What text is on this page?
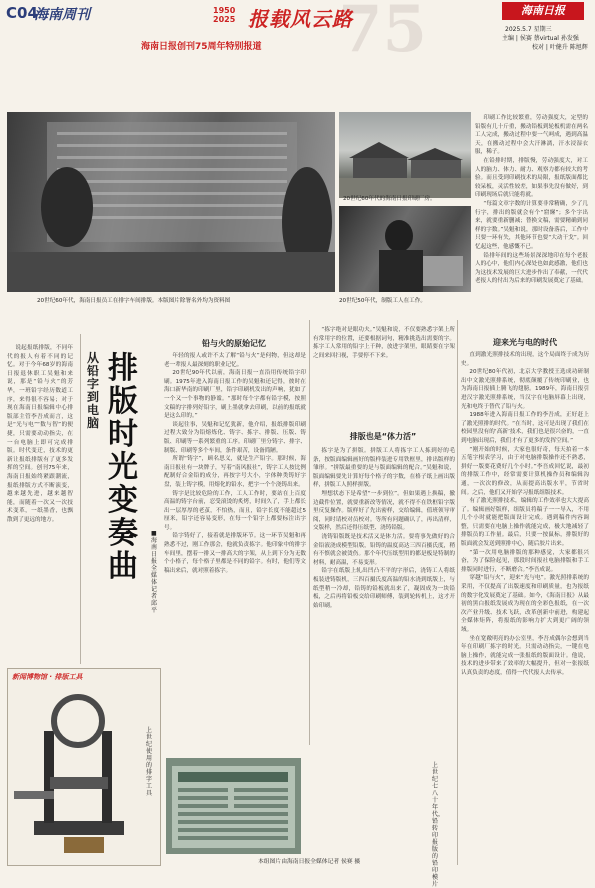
C04
海南周刊	75
1950 2025 报载风云路
海南日报创刊75周年特别报道
海南日报
2025.5.7 星期三
主编 | 侯赛 蔡virtual 孙发强
校对 | 叶健升 陈旭辉
20世纪60年代，海南日报员工在排字车间排版。本版图片除署名外均为资料图
20世纪60年代的海南日报印刷厂房。
20世纪50年代，制版工人在工作。

印刷工作比较繁重，劳动强度大，定型的铅版有几十斤重，搬动铅板到轮板机需在两名工人完成，搬动过程中要一气呵成，遇到高温天，在搬动过程中会大汗淋漓，汗水浸湿衣服，稀子。

在铅排时期，排版慢，劳动强度大，对工人的脑力、体力、耐力、观察力都有较大的考验。而且受到印刷技术的局限，报纸版面都比较呆板，灵活性较差，如果事先没有做好，到印刷现场后就只能将就。

“每篇文章字数的计算要非常精确，少了几行字，排出的版就会有个“窟窿”；多个字出来，就要重新删减；替换文稿，需要精确到同样的字数。”吴魁和说，那时设备落后，工作中只要一环有失，其他环节也要“大动干戈”。回忆起这些，他感慨不已。

铅排年间的这些场景深深地印在每个老报人的心中，他们内心深处也如此感激，他们也为这技术发展的巨大进步作出了奉献，一代代老报人的付出为后来的印刷发展奠定了基础。

说起报纸排版，不同年代的报人有着不同的记忆。对于今年68岁的海南日报退休职工吴魁和来说，那是“铅与火”的芳华，一班铅字经历数道工序，来得很不容易；对于现在海南日报编辑中心排版部主管李吾成而言，这是“光与电”“数与智”的便捷，只需要动动指尖，在一台电脑上即可完成排版。时代变迁，技术的更新让报纸排版有了更多发挥的空间。创刊75年来，海南日报始终紧跟潮流，报纸排版方式不断演变，越来越先进，越来越智能，而随着一次又一次技术变革，一纸墨香，也飘散到了更远的地方。

从铅字到电脑
排版时光变奏曲
■ 海南日报全媒体记者 邱平
铅与火的原始记忆

年轻的报人或许不太了解“铅与火”是何物，但这却是老一辈报人最深刻的职业记忆。

20世纪90年代以前，海南日报一直沿用传统铅字印刷。1975年进入海南日报工作的吴魁和还记得，彼时在海口新华南的印刷厂里，铅字印刷机发出的声响，犹如了一个又一个事物的静谧。“那时每个字都有铅字模，按照文稿的字排列好铅字，刷上墨就拿去印刷，以前的报纸就是这么印的。”

谈起往事，吴魁和记忆犹新，他介绍，报纸排版印刷过程大致分为铅熔炼化、铸字、拣字、排版、压版、铸版、印刷等一系列繁重的工序。印刷厂里分铸字、排字、制版、印刷等多个车间，条件艰苦，设备简陋。

所谓“铸字”，顾名思义，就是生产铅字。那时候，海南日报社有一块牌子，写着“南风报社”，铸字工人按比例配制好合金铅的成分，再按字号大小，字体种类铸好字盘，装上铸字模，用熔化的铅水，把字一个个浇铸出来。

铸字是比较危险的工作，工人工作时，要站在上百度高温的铸字台前，忍受滚烫的炙烤，时间久了，手上都长出一层厚厚的老茧，不怕热，而且，铅字长度不能超过5厘米，铅字还容易变形，在每一个铅字上都要标注出字号。

铅字铸好了，接着就是排版环节。这一环节吴魁和再熟悉不过，刚工作那会，他就负责拣字。他印象中的排字车间里，摆着一排又一排高大的字架，从上到下分为无数个小格子，每个格子里都是不同的铅字。有时，他们等文稿出来后，就对照着拣字。

“拣字绝对是眼功夫。”吴魁和说，不仅要熟悉字架上所有常用字的位置，还要根据词句，精准挑选出需要的字。拣字工人常用的铅字上千种，放进字架里，眼睛要在字架之间来回扫视，手要停不下来。

排版也是“体力活”

拣字是为了拼版。拼版工人将拣字工人拣到好的毛条，按版面编辑画好的版样装进专用铁框里，排出版样的雏形。“拼版最重要的是与版面编辑的配合。”吴魁和说，版面编辑要先计算好每个格子的字数，在格子纸上画出版样，拼版工人照样拼版。

埋想状态下是希望“一步到位”。但如果遇上换稿，撤边截件位置，就要重新改等情况，就不得不在铁框铅字版里反复操作。版样好了先出密样，交给编辑，值班领导审阅，同时请校对员校对。等所有问题确认了，再出清样，交版样，然后还得压纸型、浇铸铅版。

浇铸铅版既是技术活又是体力活。要将事先做好的合金铅液浇成模型铅版，铅铸的温度高达三四百摄氏度，稍有不慎就会被烫伤。那个年代压纸型用的都是板是特制的材料，耐高温，不易变形。

铅字在纸版上轧出凹凸不平的字形后，浇铸工人将纸板装进铸版机，三四百摄氏度高温的铅水浇到纸版上，与纸型稍一冷却，铅铸的铅板就出来了，凝固成为一块铅板，之后再将铅板交给印刷师傅，装到轮转机上，这才开始印刷。

迎来光与电的时代

直到激光照排技术的出现，这个局面终于成为历史。

20世纪80年代初，北京大学教授王选成功研制出中文激光照排系统，彻底颠覆了传统印刷业，也为海南日报插上腾飞的翅膀。1989年，海南日报引进汉字激光照排系统，当汉字在电脑屏幕上出现，光和电终于替代了铅与火。

1988年进入海南日报工作的李吾成，正好赶上了激光照排的时代。“在当时，这可是出现了我们在校园里没有的‘高新’技术，我们也是很兴奋的，一直到电脑出现后，我们才有了更多的发挥空间。”

“刚开始的时候，大家也很好奇，每天拍着一本五笔字根表学习，由于对电脑排版操作还不熟悉，拼好一版要花费好几个小时。”李吾成回忆说，最初的排版工作中，经常需要计算机操作员和编辑沟通，一次次的修改，从而提高出版水平，节省时间。之后，他们又开始学习报纸组版技术。

有了激光照排技术，编辑的工作效率也大大提高了。编辑画好版样，组版员将稿子一一导入，不用几个小时就能把版面设计完成。遇到稿件内容调整，只需要在电脑上操作就能完成，极大地减轻了排版员的工作量。最后，只要一按鼠标，排版好的版面就会发送到照排中心，随后胶片出来。

“第一次用电脑排版的那种感觉，大家都很兴奋，为了保险起见，那段时间报社电脑排版和手工排版同时进行，不断磨合。”李吾成说。

穿越“铅与火”，迎来“光与电”。激光照排系统的采用，不仅提高了出版速度和印刷质量，也为报纸的数字化发展奠定了基础。如今，《海南日报》从最初的黑白报纸发展成为现在的全彩色报纸，在一次次产业升级、技术飞跃，改革创新中前进，构建起全媒体矩阵，将报纸的影响力扩大到更广阔的领域。

坐在宽敞明亮的办公室里，李吾成偶尔会想到当年在印刷厂拣字的时光。只需动动指尖，一键在电脑上操作，就能完成一张报纸的版面设计。他说，技术的进步带来了效率的大幅提升，但对一张报纸认真负责的态度，值得一代代报人去传承。

新闻博物馆 · 排版工具
上世纪使用的排字工具
上世纪七八十年代，铅转印报版的铅印模片
本组图片由海南日报全媒体记者 侯赛 摄
